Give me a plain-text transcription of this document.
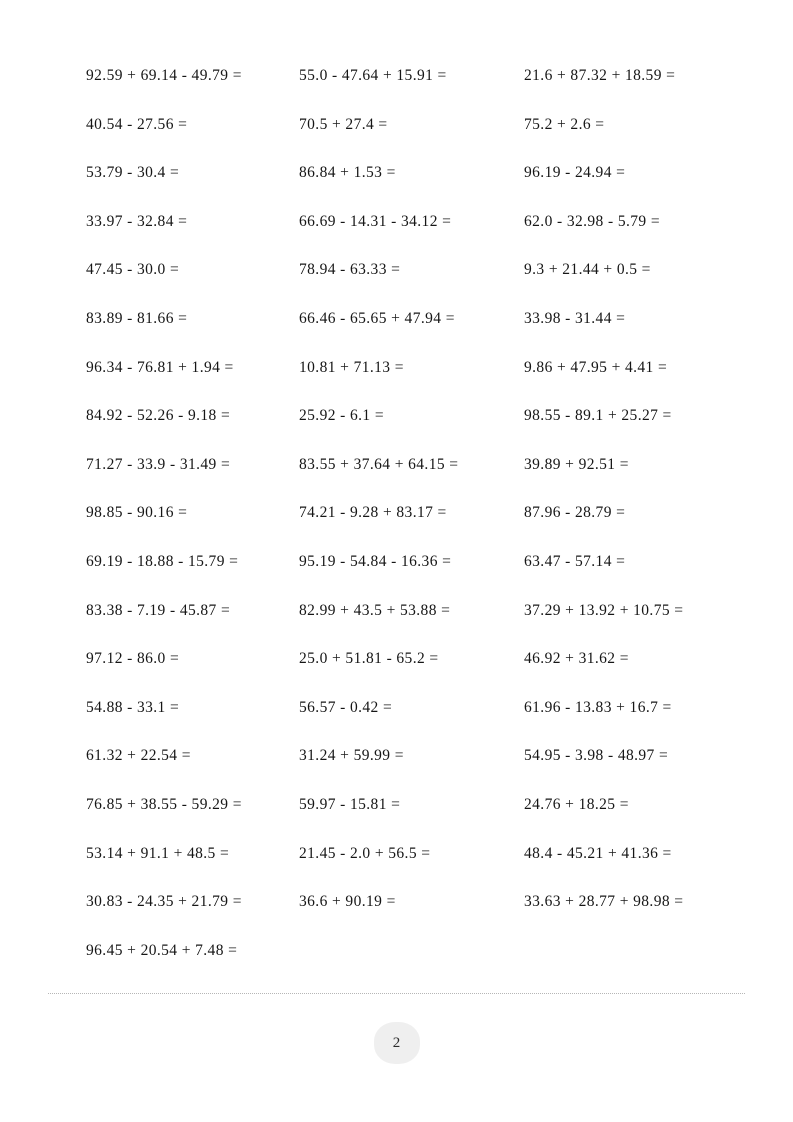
92.59 + 69.14 - 49.79 =
40.54 - 27.56 =
53.79 - 30.4 =
33.97 - 32.84 =
47.45 - 30.0 =
83.89 - 81.66 =
96.34 - 76.81 + 1.94 =
84.92 - 52.26 - 9.18 =
71.27 - 33.9 - 31.49 =
98.85 - 90.16 =
69.19 - 18.88 - 15.79 =
83.38 - 7.19 - 45.87 =
97.12 - 86.0 =
54.88 - 33.1 =
61.32 + 22.54 =
76.85 + 38.55 - 59.29 =
53.14 + 91.1 + 48.5 =
30.83 - 24.35 + 21.79 =
96.45 + 20.54 + 7.48 =
55.0 - 47.64 + 15.91 =
70.5 + 27.4 =
86.84 + 1.53 =
66.69 - 14.31 - 34.12 =
78.94 - 63.33 =
66.46 - 65.65 + 47.94 =
10.81 + 71.13 =
25.92 - 6.1 =
83.55 + 37.64 + 64.15 =
74.21 - 9.28 + 83.17 =
95.19 - 54.84 - 16.36 =
82.99 + 43.5 + 53.88 =
25.0 + 51.81 - 65.2 =
56.57 - 0.42 =
31.24 + 59.99 =
59.97 - 15.81 =
21.45 - 2.0 + 56.5 =
36.6 + 90.19 =
21.6 + 87.32 + 18.59 =
75.2 + 2.6 =
96.19 - 24.94 =
62.0 - 32.98 - 5.79 =
9.3 + 21.44 + 0.5 =
33.98 - 31.44 =
9.86 + 47.95 + 4.41 =
98.55 - 89.1 + 25.27 =
39.89 + 92.51 =
87.96 - 28.79 =
63.47 - 57.14 =
37.29 + 13.92 + 10.75 =
46.92 + 31.62 =
61.96 - 13.83 + 16.7 =
54.95 - 3.98 - 48.97 =
24.76 + 18.25 =
48.4 - 45.21 + 41.36 =
33.63 + 28.77 + 98.98 =
2
